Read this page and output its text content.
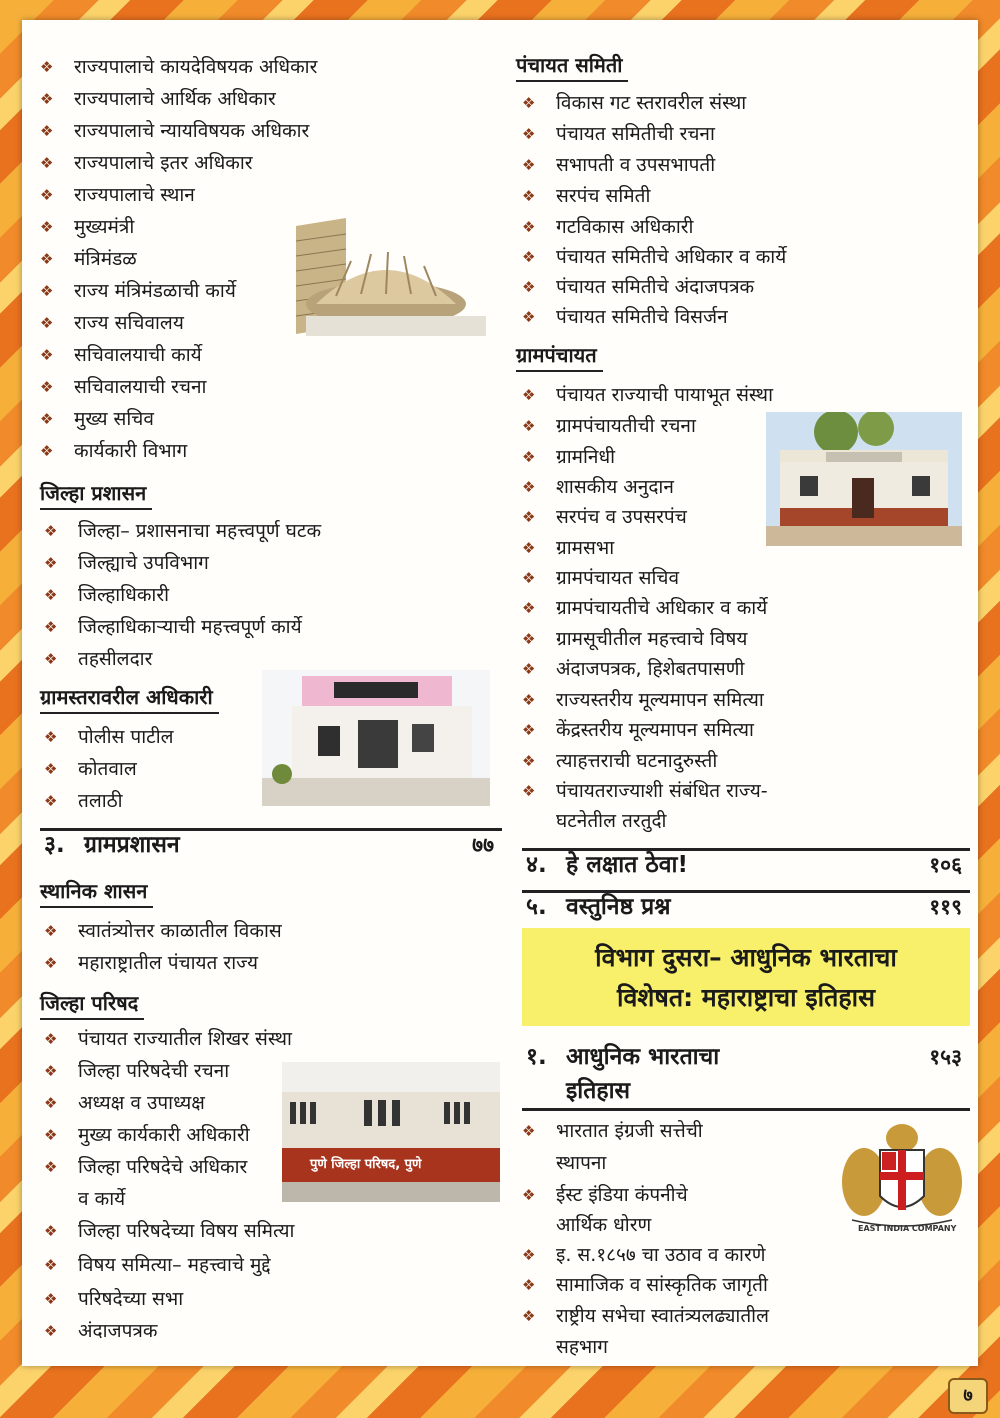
❖ राज्यपालाचे कायदेविषयक अधिकार
❖ राज्यपालाचे आर्थिक अधिकार
❖ राज्यपालाचे न्यायविषयक अधिकार
❖ राज्यपालाचे इतर अधिकार
❖ राज्यपालाचे स्थान
❖ मुख्यमंत्री
❖ मंत्रिमंडळ
❖ राज्य मंत्रिमंडळाची कार्ये
❖ राज्य सचिवालय
❖ सचिवालयाची कार्ये
❖ सचिवालयाची रचना
❖ मुख्य सचिव
❖ कार्यकारी विभाग
जिल्हा प्रशासन
❖ जिल्हा– प्रशासनाचा महत्त्वपूर्ण घटक
❖ जिल्ह्याचे उपविभाग
❖ जिल्हाधिकारी
❖ जिल्हाधिकाऱ्याची महत्त्वपूर्ण कार्ये
❖ तहसीलदार
ग्रामस्तरावरील अधिकारी
❖ पोलीस पाटील
❖ कोतवाल
❖ तलाठी
३. ग्रामप्रशासन	७७
स्थानिक शासन
❖ स्वातंत्र्योत्तर काळातील विकास
❖ महाराष्ट्रातील पंचायत राज्य
जिल्हा परिषद
❖ पंचायत राज्यातील शिखर संस्था
❖ जिल्हा परिषदेची रचना
❖ अध्यक्ष व उपाध्यक्ष
❖ मुख्य कार्यकारी अधिकारी
❖ जिल्हा परिषदेचे अधिकार
व कार्ये
❖ जिल्हा परिषदेच्या विषय समित्या
❖ विषय समित्या– महत्त्वाचे मुद्दे
❖ परिषदेच्या सभा
❖ अंदाजपत्रक
पुणे जिल्हा परिषद, पुणे
पंचायत समिती
❖ विकास गट स्तरावरील संस्था
❖ पंचायत समितीची रचना
❖ सभापती व उपसभापती
❖ सरपंच समिती
❖ गटविकास अधिकारी
❖ पंचायत समितीचे अधिकार व कार्ये
❖ पंचायत समितीचे अंदाजपत्रक
❖ पंचायत समितीचे विसर्जन
ग्रामपंचायत
❖ पंचायत राज्याची पायाभूत संस्था
❖ ग्रामपंचायतीची रचना
❖ ग्रामनिधी
❖ शासकीय अनुदान
❖ सरपंच व उपसरपंच
❖ ग्रामसभा
❖ ग्रामपंचायत सचिव
❖ ग्रामपंचायतीचे अधिकार व कार्ये
❖ ग्रामसूचीतील महत्त्वाचे विषय
❖ अंदाजपत्रक, हिशेबतपासणी
❖ राज्यस्तरीय मूल्यमापन समित्या
❖ केंद्रस्तरीय मूल्यमापन समित्या
❖ त्याहत्तराची घटनादुरुस्ती
❖ पंचायतराज्याशी संबंधित राज्य-
घटनेतील तरतुदी
४. हे लक्षात ठेवा!	१०६
५. वस्तुनिष्ठ प्रश्न	११९
१. आधुनिक भारताचा
इतिहास
१५३
❖ भारतात इंग्रजी सत्तेची
स्थापना
❖ ईस्ट इंडिया कंपनीचे
आर्थिक धोरण
❖ इ. स.१८५७ चा उठाव व कारणे
❖ सामाजिक व सांस्कृतिक जागृती
❖ राष्ट्रीय सभेचा स्वातंत्र्यलढ्यातील
सहभाग
EAST INDIA COMPANY
विभाग दुसरा– आधुनिक भारताचा
विशेषत: महाराष्ट्राचा इतिहास
७
